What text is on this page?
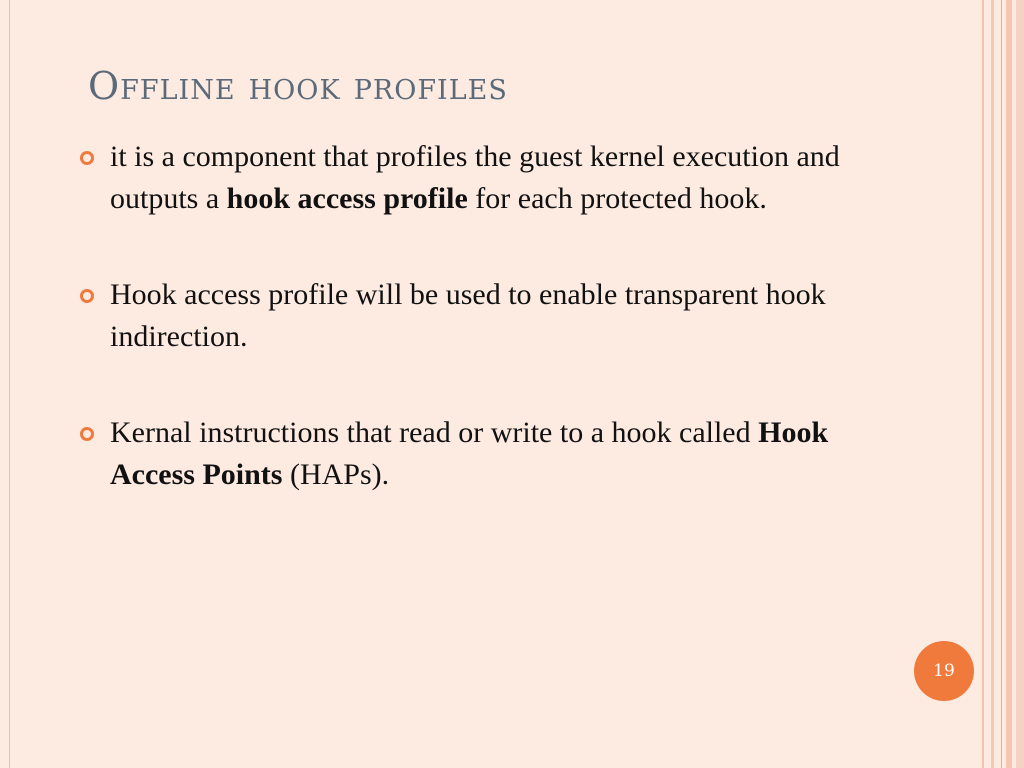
Offline hook profiles
it is a component that profiles the guest kernel execution and outputs a hook access profile for each protected hook.
Hook access profile will be used to enable transparent hook indirection.
Kernal instructions that read or write to a hook called Hook Access Points (HAPs).
19
